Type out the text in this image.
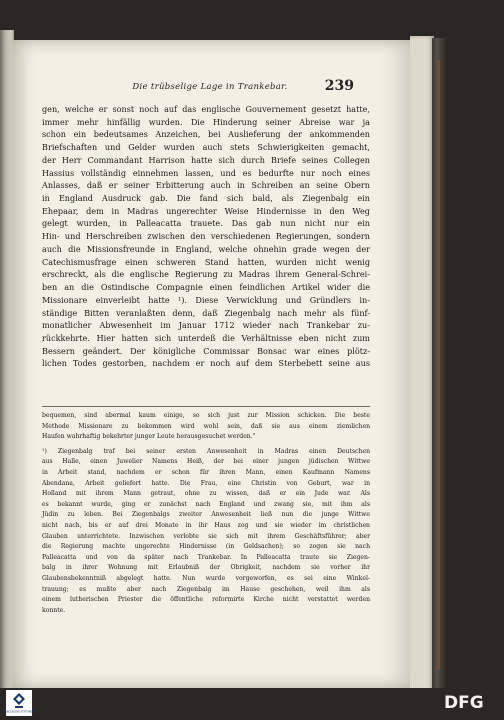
Die trübselige Lage in Trankebar.	239
gen, welche er sonst noch auf das englische Gouvernement gesetzt hatte,
immer mehr hinfällig wurden. Die Hinderung seiner Abreise war ja
schon ein bedeutsames Anzeichen, bei Auslieferung der ankommenden
Briefschaften und Gelder wurden auch stets Schwierigkeiten gemacht,
der Herr Commandant Harrison hatte sich durch Briefe seines Collegen
Hassius vollständig einnehmen lassen, und es bedurfte nur noch eines
Anlasses, daß er seiner Erbitterung auch in Schreiben an seine Obern
in England Ausdruck gab. Die fand sich bald, als Ziegenbalg ein
Ehepaar, dem in Madras ungerechter Weise Hindernisse in den Weg
gelegt wurden, in Palleacatta trauete. Das gab nun nicht nur ein
Hin- und Herschreiben zwischen den verschiedenen Regierungen, sondern
auch die Missionsfreunde in England, welche ohnehin grade wegen der
Catechismusfrage einen schweren Stand hatten, wurden nicht wenig
erschreckt, als die englische Regierung zu Madras ihrem General-Schrei-
ben an die Ostindische Compagnie einen feindlichen Artikel wider die
Missionare einverleibt hatte ¹). Diese Verwicklung und Gründlers in-
ständige Bitten veranlaßten denn, daß Ziegenbalg nach mehr als fünf-
monatlicher Abwesenheit im Januar 1712 wieder nach Trankebar zu-
rückkehrte. Hier hatten sich unterdeß die Verhältnisse eben nicht zum
Bessern geändert. Der königliche Commissar Bonsac war eines plötz-
lichen Todes gestorben, nachdem er noch auf dem Sterbebett seine aus
bequemen, sind abermal kaum einige, so sich just zur Mission schicken. Die beste
Methode Missionare zu bekommen wird wohl sein, daß sie aus einem ziemlichen
Haufen wahrhaftig bekehrter junger Leute herausgesuchet werden."
¹) Ziegenbalg traf bei seiner ersten Anwesenheit in Madras einen Deutschen
aus Halle, einen Juwelier Namens Heiß, der bei einer jungen jüdischen Wittwe
in Arbeit stand, nachdem er schon für ihren Mann, einen Kaufmann Namens
Abendana, Arbeit geliefert hatte. Die Frau, eine Christin von Geburt, war in
Holland mit ihrem Mann getraut, ohne zu wissen, daß er ein Jude war. Als
es bekannt wurde, ging er zunächst nach England und zwang sie, mit ihm als
Jüdin zu leben. Bei Ziegenbalgs zweiter Anwesenheit ließ nun die junge Wittwe
nicht nach, bis er auf drei Monate in ihr Haus zog und sie wieder im christlichen
Glauben unterrichtete. Inzwischen verlobte sie sich mit ihrem Geschäftsführer; aber
die Regierung machte ungerechte Hindernisse (in Geldsachen); so zogen sie nach
Palleacatta und von da später nach Trankebar. In Palleacatta traute sie Ziegen-
balg in ihrer Wohnung mit Erlaubniß der Obrigkeit, nachdem sie vorher ihr
Glaubensbekenntniß abgelegt hatte. Nun wurde vorgeworfen, es sei eine Winkel-
trauung; es mußte aber nach Ziegenbalg im Hause geschehen, weil ihm als
einem lutherischen Priester die öffentliche reformirte Kirche nicht verstattet werden
konnte.
FRANCKESCHE STIFTUNGEN	DFG
